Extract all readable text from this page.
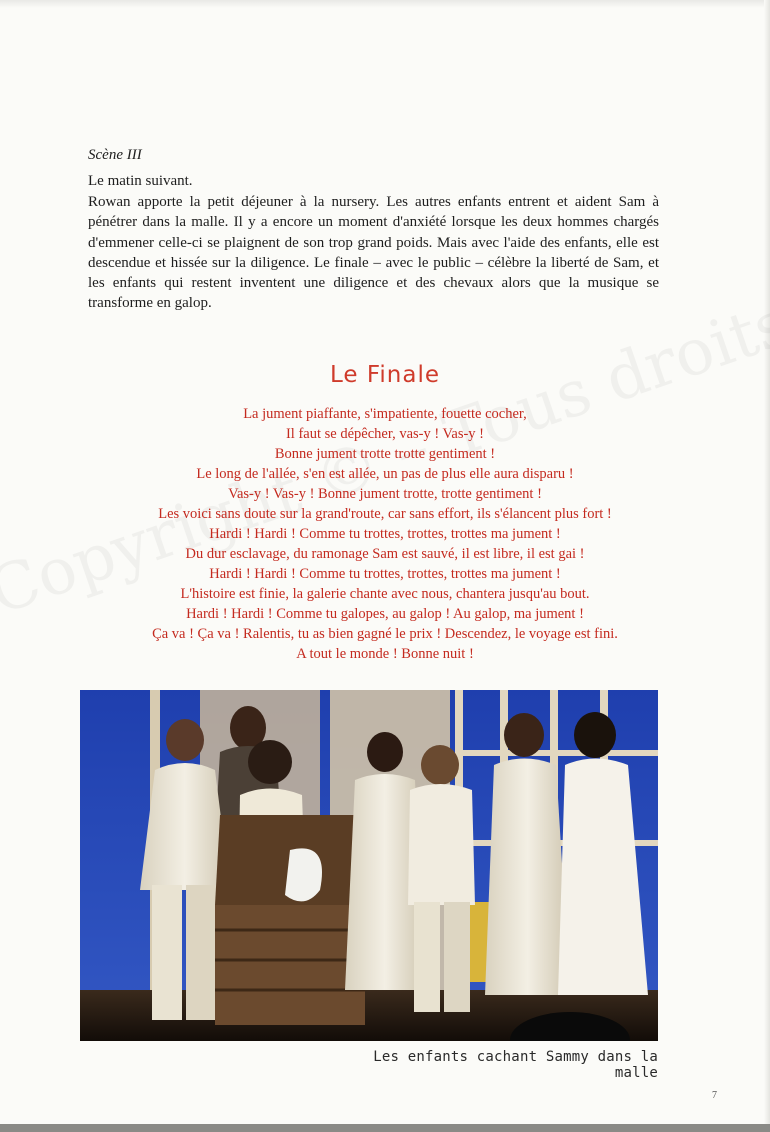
Scène III
Le matin suivant.
Rowan apporte la petit déjeuner à la nursery. Les autres enfants entrent et aident Sam à pénétrer dans la malle. Il y a encore un moment d'anxiété lorsque les deux hommes chargés d'emmener celle-ci se plaignent de son trop grand poids. Mais avec l'aide des enfants, elle est descendue et hissée sur la diligence. Le finale – avec le public – célèbre la liberté de Sam, et les enfants qui restent inventent une diligence et des chevaux alors que la musique se transforme en galop.
Le Finale
La jument piaffante, s'impatiente, fouette cocher,
Il faut se dépêcher, vas-y ! Vas-y !
Bonne jument trotte trotte gentiment !
Le long de l'allée, s'en est allée, un pas de plus elle aura disparu !
Vas-y ! Vas-y ! Bonne jument trotte, trotte gentiment !
Les voici sans doute sur la grand'route, car sans effort, ils s'élancent plus fort !
Hardi ! Hardi ! Comme tu trottes, trottes, trottes ma jument !
Du dur esclavage, du ramonage Sam est sauvé, il est libre, il est gai !
Hardi ! Hardi ! Comme tu trottes, trottes, trottes ma jument !
L'histoire est finie, la galerie chante avec nous, chantera jusqu'au bout.
Hardi ! Hardi ! Comme tu galopes, au galop ! Au galop, ma jument !
Ça va ! Ça va ! Ralentis, tu as bien gagné le prix ! Descendez, le voyage est fini.
A tout le monde ! Bonne nuit !
Les enfants cachant Sammy dans la malle
7
